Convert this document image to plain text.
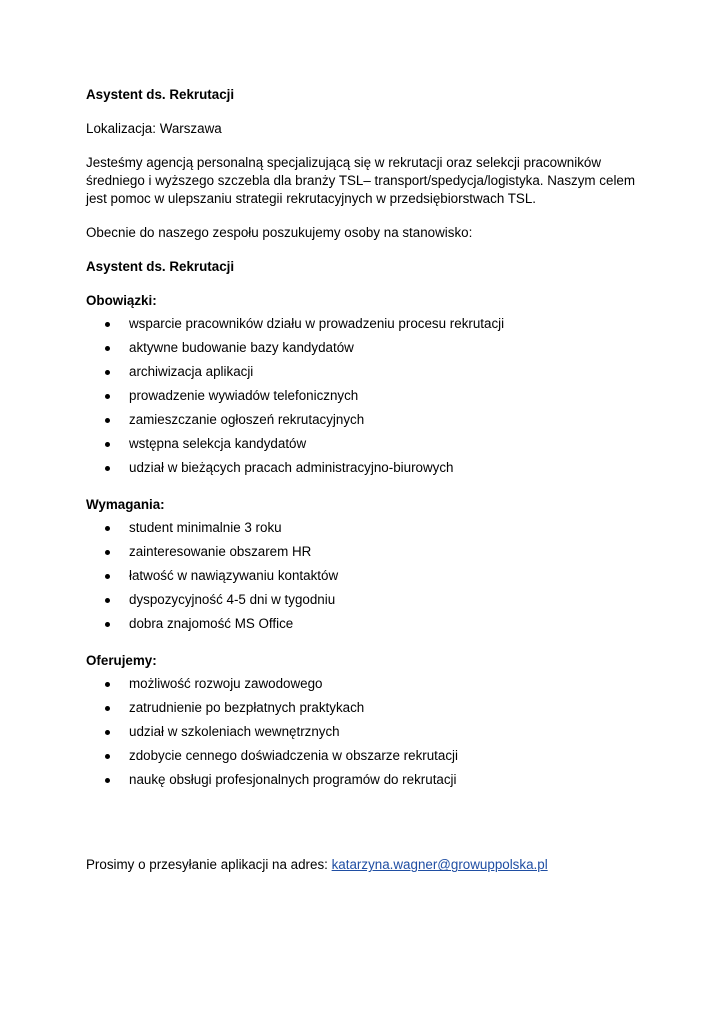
Asystent ds. Rekrutacji

Lokalizacja: Warszawa

Jesteśmy agencją personalną specjalizującą się w rekrutacji oraz selekcji pracowników średniego i wyższego szczebla dla branży TSL– transport/spedycja/logistyka. Naszym celem jest pomoc w ulepszaniu strategii rekrutacyjnych w przedsiębiorstwach TSL.

Obecnie do naszego zespołu poszukujemy osoby na stanowisko:

Asystent ds. Rekrutacji

Obowiązki:

wsparcie pracowników działu w prowadzeniu procesu rekrutacji
aktywne budowanie bazy kandydatów
archiwizacja aplikacji
prowadzenie wywiadów telefonicznych
zamieszczanie ogłoszeń rekrutacyjnych
wstępna selekcja kandydatów
udział w bieżących pracach administracyjno-biurowych

Wymagania:

student minimalnie 3 roku
zainteresowanie obszarem HR
łatwość w nawiązywaniu kontaktów
dyspozycyjność 4-5 dni w tygodniu
dobra znajomość MS Office

Oferujemy:

możliwość rozwoju zawodowego
zatrudnienie po bezpłatnych praktykach
udział w szkoleniach wewnętrznych
zdobycie cennego doświadczenia w obszarze rekrutacji
naukę obsługi profesjonalnych programów do rekrutacji

Prosimy o przesyłanie aplikacji na adres: katarzyna.wagner@growuppolska.pl
